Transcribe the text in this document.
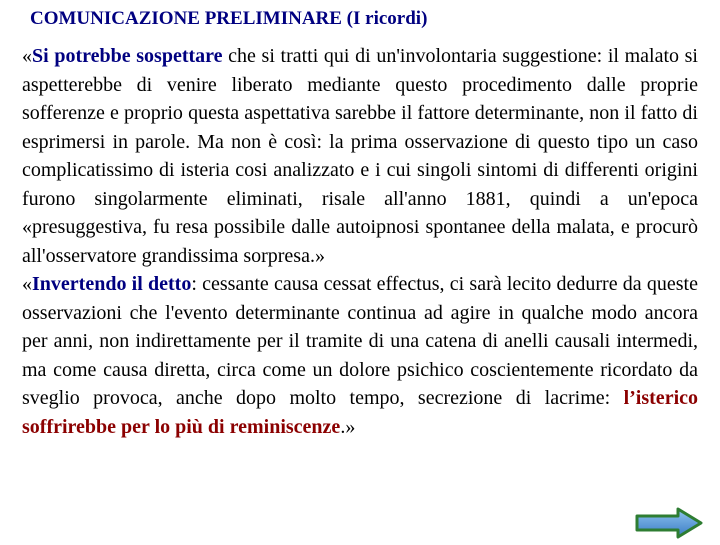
COMUNICAZIONE PRELIMINARE (I ricordi)

«Si potrebbe sospettare che si tratti qui di un'involontaria suggestione: il malato si aspetterebbe di venire liberato mediante questo procedimento dalle proprie sofferenze e proprio questa aspettativa sarebbe il fattore determinante, non il fatto di esprimersi in parole. Ma non è così: la prima osservazione di questo tipo un caso complicatissimo di isteria cosi analizzato e i cui singoli sintomi di differenti origini furono singolarmente eliminati, risale all'anno 1881, quindi a un'epoca «presuggestiva, fu resa possibile dalle autoipnosi spontanee della malata, e procurò all'osservatore grandissima sorpresa.»

«Invertendo il detto: cessante causa cessat effectus, ci sarà lecito dedurre da queste osservazioni che l'evento determinante continua ad agire in qualche modo ancora per anni, non indirettamente per il tramite di una catena di anelli causali intermedi, ma come causa diretta, circa come un dolore psichico coscientemente ricordato da sveglio provoca, anche dopo molto tempo, secrezione di lacrime: l’isterico soffrirebbe per lo più di reminiscenze.»
